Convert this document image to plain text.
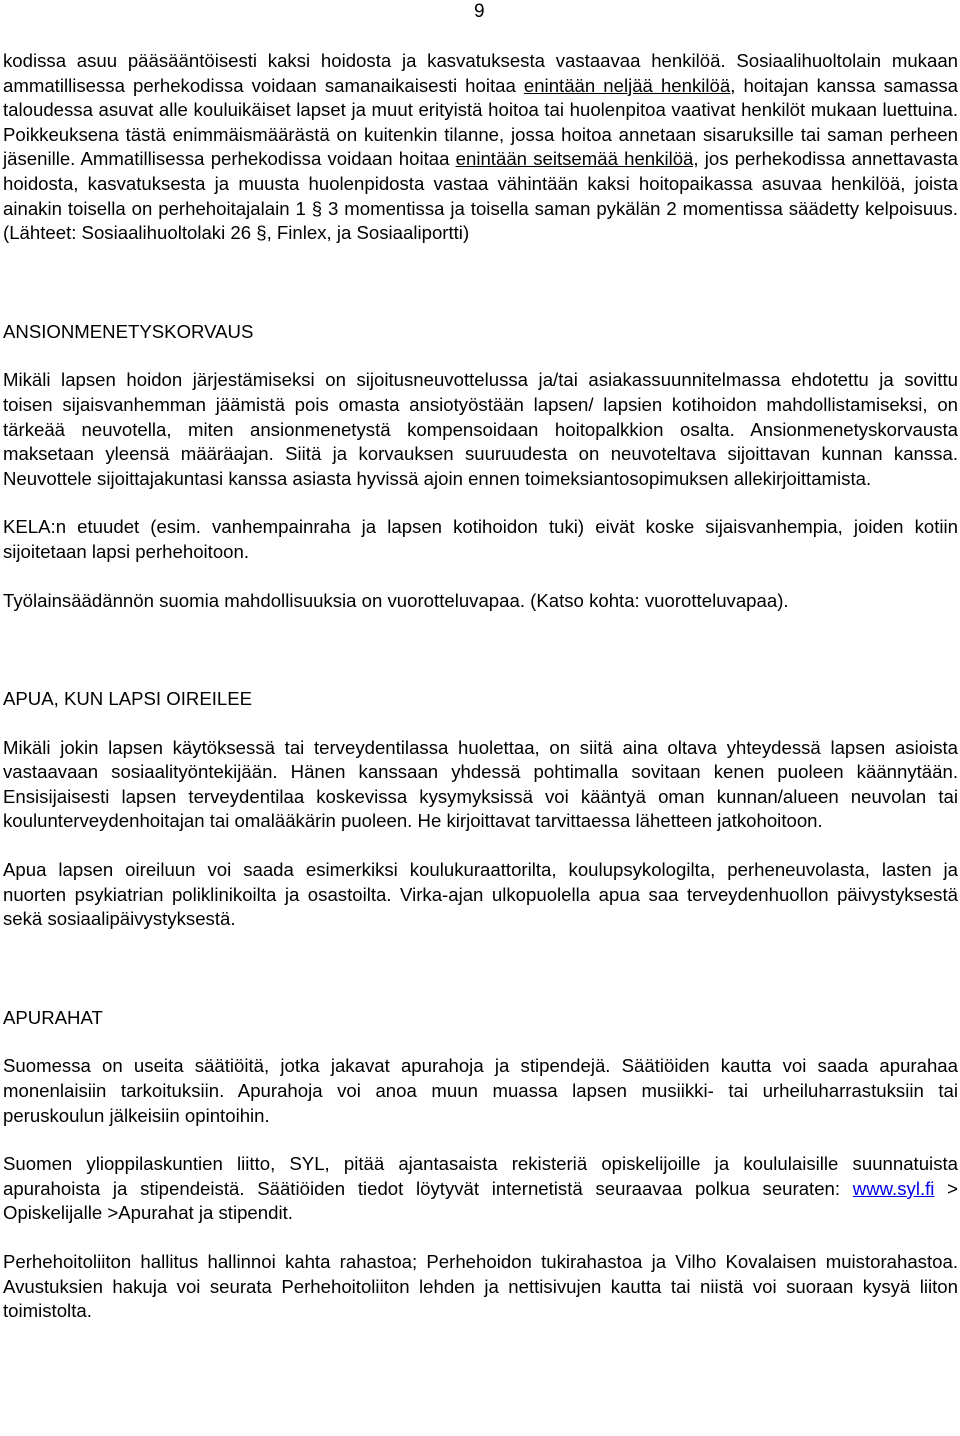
9

kodissa asuu pääsääntöisesti kaksi hoidosta ja kasvatuksesta vastaavaa henkilöä. Sosiaalihuoltolain mukaan ammatillisessa perhekodissa voidaan samanaikaisesti hoitaa enintään neljää henkilöä, hoitajan kanssa samassa taloudessa asuvat alle kouluikäiset lapset ja muut erityistä hoitoa tai huolenpitoa vaativat henkilöt mukaan luettuina. Poikkeuksena tästä enimmäismäärästä on kuitenkin tilanne, jossa hoitoa annetaan sisaruksille tai saman perheen jäsenille. Ammatillisessa perhekodissa voidaan hoitaa enintään seitsemää henkilöä, jos perhekodissa annettavasta hoidosta, kasvatuksesta ja muusta huolenpidosta vastaa vähintään kaksi hoitopaikassa asuvaa henkilöä, joista ainakin toisella on perhehoitajalain 1 § 3 momentissa ja toisella saman pykälän 2 momentissa säädetty kelpoisuus. (Lähteet: Sosiaalihuoltolaki 26 §, Finlex, ja Sosiaaliportti)

ANSIONMENETYSKORVAUS

Mikäli lapsen hoidon järjestämiseksi on sijoitusneuvottelussa ja/tai asiakassuunnitelmassa ehdotettu ja sovittu toisen sijaisvanhemman jäämistä pois omasta ansiotyöstään lapsen/ lapsien kotihoidon mahdollistamiseksi, on tärkeää neuvotella, miten ansionmenetystä kompensoidaan hoitopalkkion osalta. Ansionmenetyskorvausta maksetaan yleensä määräajan. Siitä ja korvauksen suuruudesta on neuvoteltava sijoittavan kunnan kanssa. Neuvottele sijoittajakuntasi kanssa asiasta hyvissä ajoin ennen toimeksiantosopimuksen allekirjoittamista.

KELA:n etuudet (esim. vanhempainraha ja lapsen kotihoidon tuki) eivät koske sijaisvanhempia, joiden kotiin sijoitetaan lapsi perhehoitoon.

Työlainsäädännön suomia mahdollisuuksia on vuorotteluvapaa. (Katso kohta: vuorotteluvapaa).

APUA, KUN LAPSI OIREILEE

Mikäli jokin lapsen käytöksessä tai terveydentilassa huolettaa, on siitä aina oltava yhteydessä lapsen asioista vastaavaan sosiaalityöntekijään. Hänen kanssaan yhdessä pohtimalla sovitaan kenen puoleen käännytään. Ensisijaisesti lapsen terveydentilaa koskevissa kysymyksissä voi kääntyä oman kunnan/alueen neuvolan tai koulunterveydenhoitajan tai omalääkärin puoleen. He kirjoittavat tarvittaessa lähetteen jatkohoitoon.

Apua lapsen oireiluun voi saada esimerkiksi koulukuraattorilta, koulupsykologilta, perheneuvolasta, lasten ja nuorten psykiatrian poliklinikoilta ja osastoilta. Virka-ajan ulkopuolella apua saa terveydenhuollon päivystyksestä sekä sosiaalipäivystyksestä.

APURAHAT

Suomessa on useita säätiöitä, jotka jakavat apurahoja ja stipendejä. Säätiöiden kautta voi saada apurahaa monenlaisiin tarkoituksiin. Apurahoja voi anoa muun muassa lapsen musiikki- tai urheiluharrastuksiin tai peruskoulun jälkeisiin opintoihin.

Suomen ylioppilaskuntien liitto, SYL, pitää ajantasaista rekisteriä opiskelijoille ja koululaisille suunnatuista apurahoista ja stipendeistä. Säätiöiden tiedot löytyvät internetistä seuraavaa polkua seuraten: www.syl.fi > Opiskelijalle >Apurahat ja stipendit.

Perhehoitoliiton hallitus hallinnoi kahta rahastoa; Perhehoidon tukirahastoa ja Vilho Kovalaisen muistorahastoa. Avustuksien hakuja voi seurata Perhehoitoliiton lehden ja nettisivujen kautta tai niistä voi suoraan kysyä liiton toimistolta.
